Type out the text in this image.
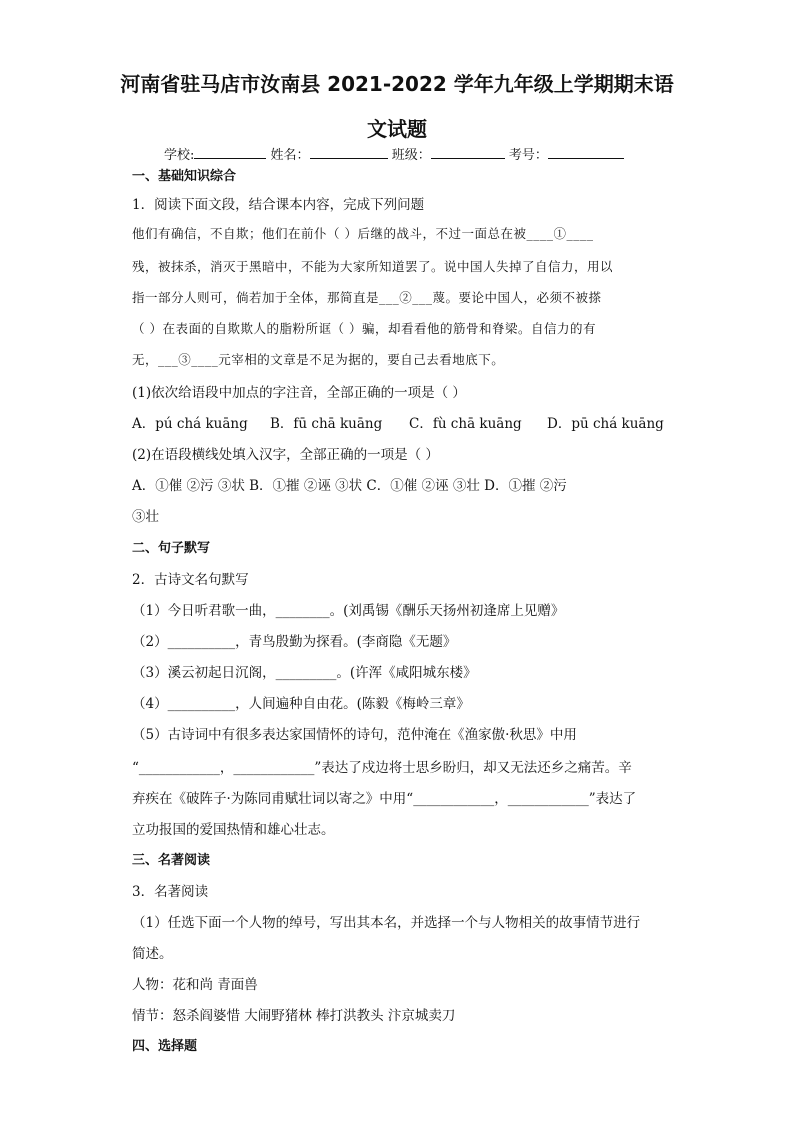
河南省驻马店市汝南县 2021-2022 学年九年级上学期期末语
文试题
学校:	姓名：	班级：	考号：
一、基础知识综合
1．阅读下面文段，结合课本内容，完成下列问题
他们有确信，不自欺；他们在前仆（ ）后继的战斗，不过一面总在被____①____
残，被抹杀，消灭于黑暗中，不能为大家所知道罢了。说中国人失掉了自信力，用以
指一部分人则可，倘若加于全体，那简直是___②___蔑。要论中国人，必须不被搽
（ ）在表面的自欺欺人的脂粉所诓（ ）骗，却看看他的筋骨和脊梁。自信力的有
无，___③____元宰相的文章是不足为据的，要自己去看地底下。
(1)依次给语段中加点的字注音，全部正确的一项是（ ）
A．pú chá kuāng B．fū chā kuāng C．fù chā kuāng D．pū chá kuāng
(2)在语段横线处填入汉字，全部正确的一项是（ ）
A．①催 ②污 ③状 B．①摧 ②诬 ③状 C．①催 ②诬 ③壮 D．①摧 ②污
③壮
二、句子默写
2．古诗文名句默写
（1）今日听君歌一曲，________。(刘禹锡《酬乐天扬州初逢席上见赠》
（2）__________，青鸟殷勤为探看。(李商隐《无题》
（3）溪云初起日沉阁，_________。(许浑《咸阳城东楼》
（4）__________，人间遍种自由花。(陈毅《梅岭三章》
（5）古诗词中有很多表达家国情怀的诗句，范仲淹在《渔家傲·秋思》中用
“____________，____________”表达了戍边将士思乡盼归，却又无法还乡之痛苦。辛
弃疾在《破阵子·为陈同甫赋壮词以寄之》中用“____________，____________”表达了
立功报国的爱国热情和雄心壮志。
三、名著阅读
3．名著阅读
（1）任选下面一个人物的绰号，写出其本名，并选择一个与人物相关的故事情节进行
简述。
人物：花和尚 青面兽
情节：怒杀阎婆惜 大闹野猪林 棒打洪教头 汴京城卖刀
四、选择题
